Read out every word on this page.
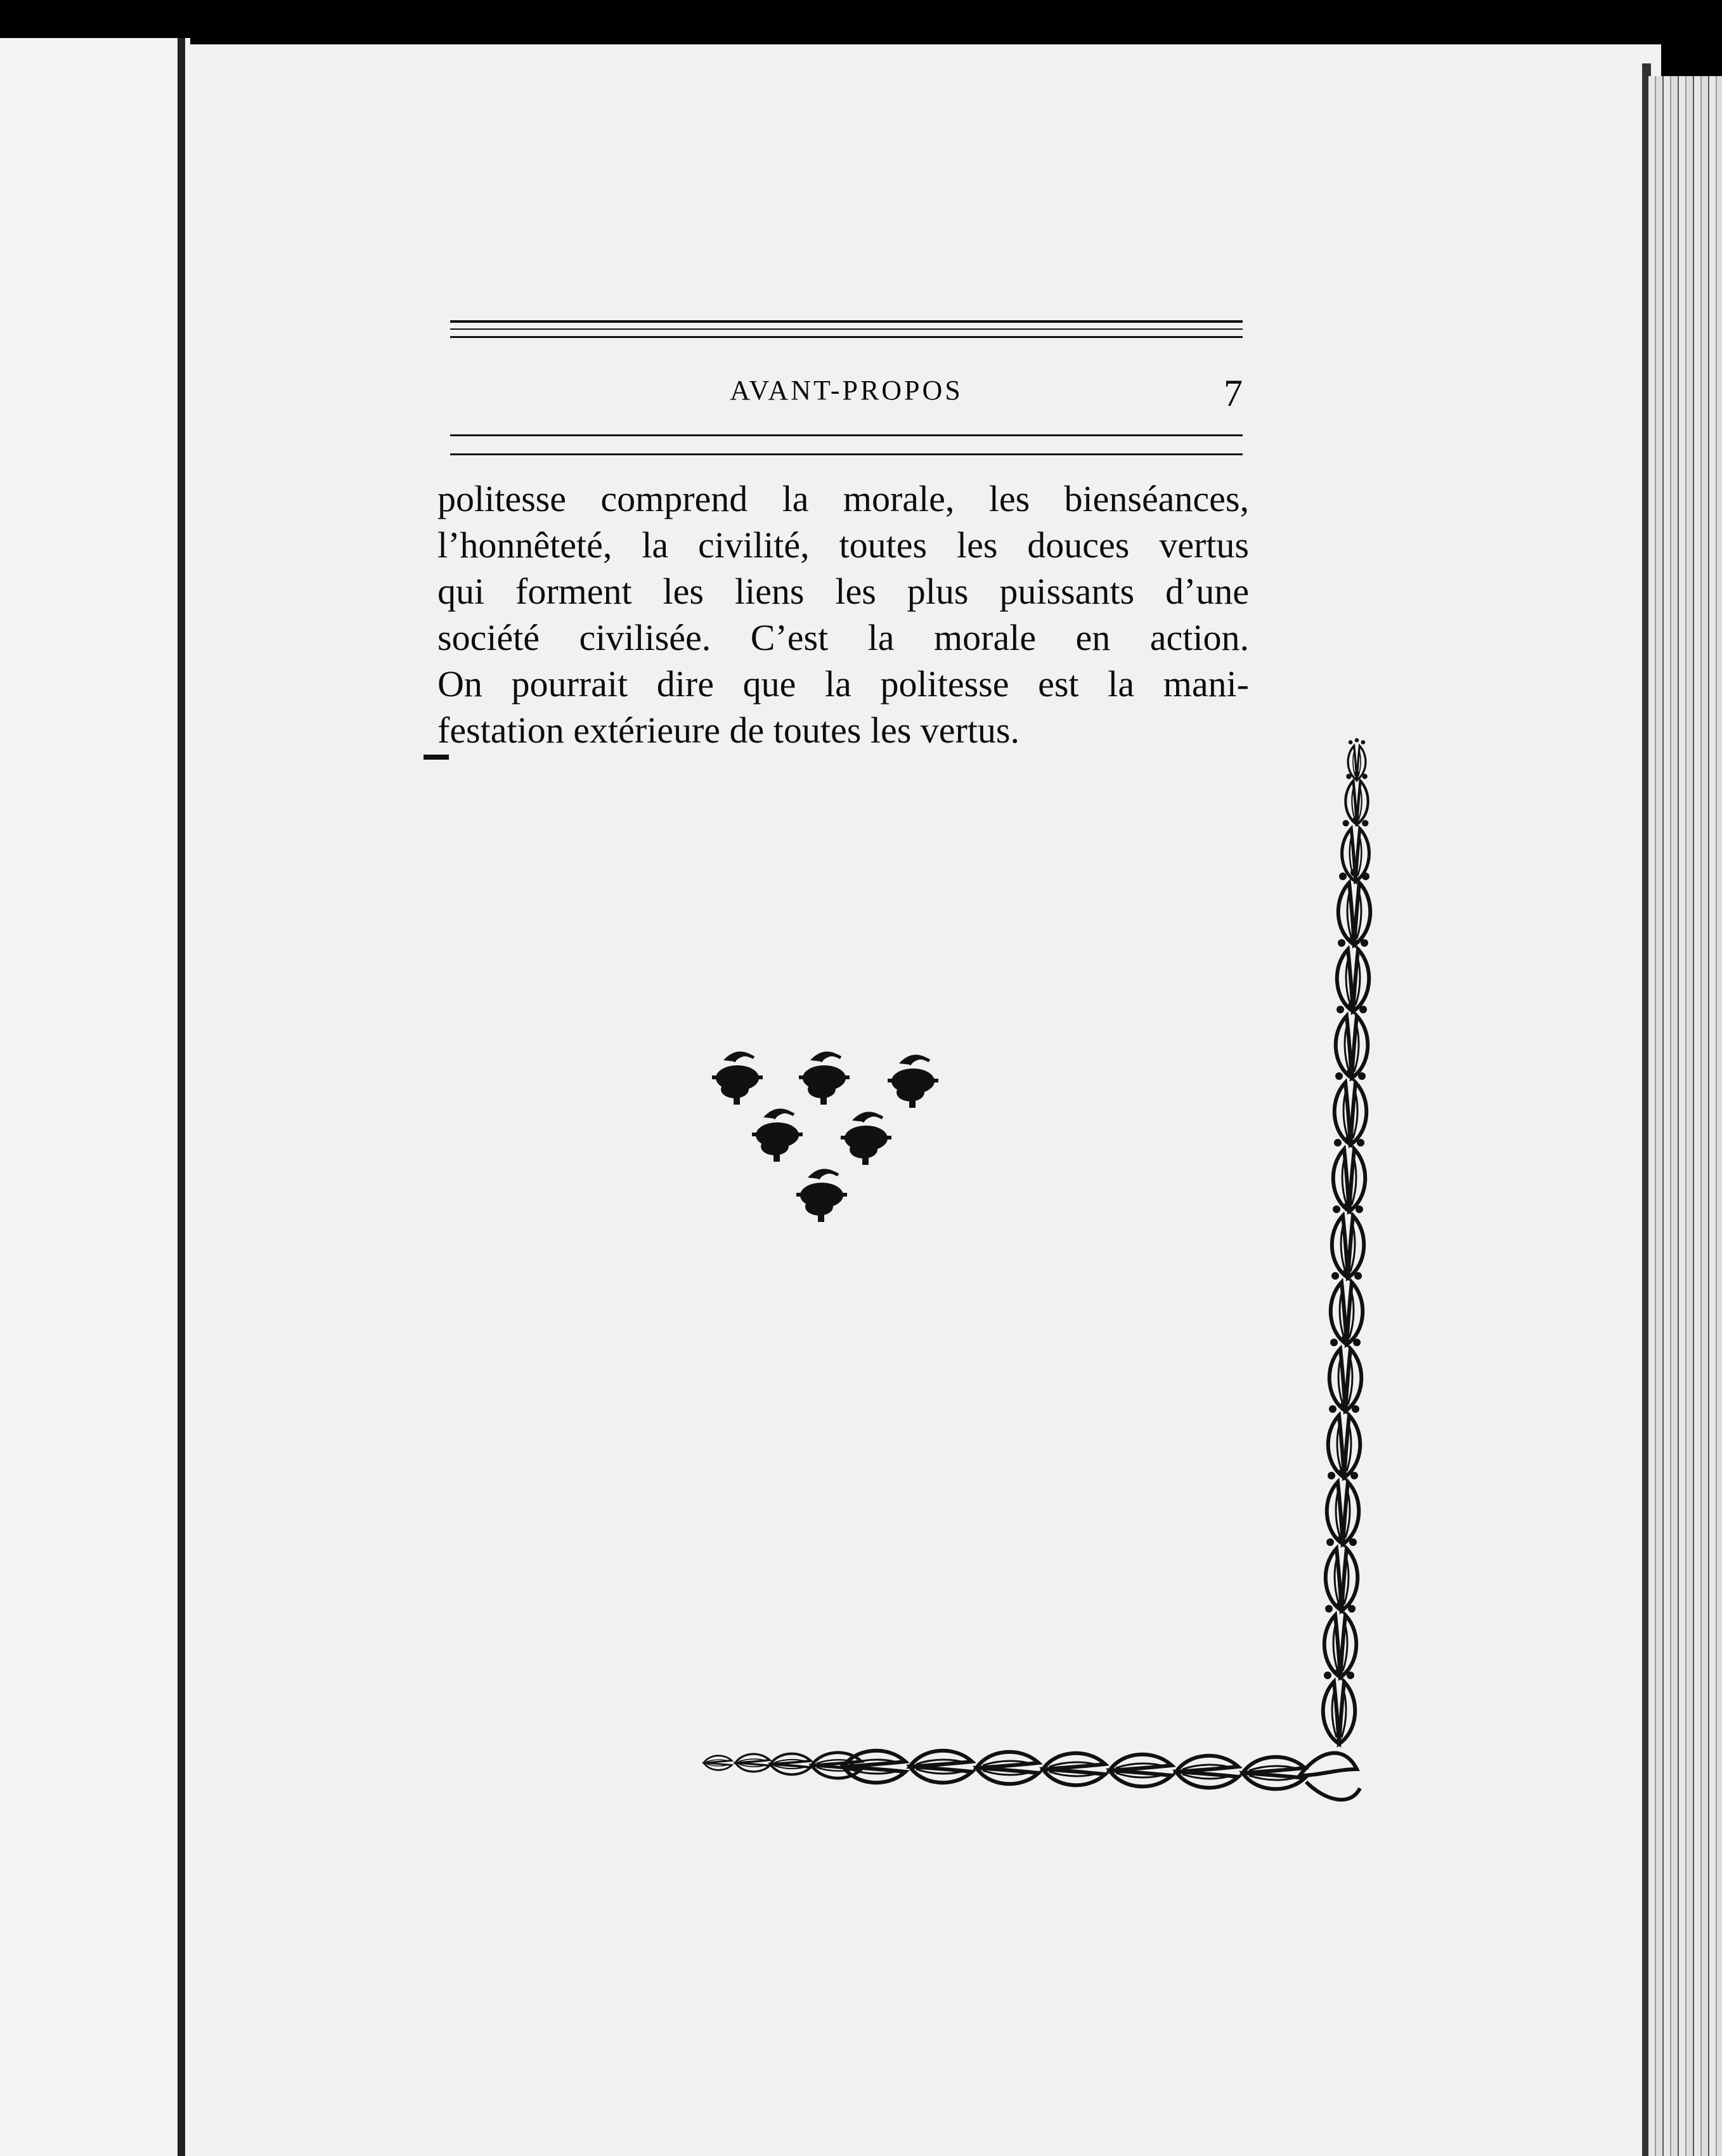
AVANT-PROPOS	7
politesse comprend la morale, les bienséances,
l’honnêteté, la civilité, toutes les douces vertus
qui forment les liens les plus puissants d’une
société civilisée. C’est la morale en action.
On pourrait dire que la politesse est la mani-
festation extérieure de toutes les vertus.
